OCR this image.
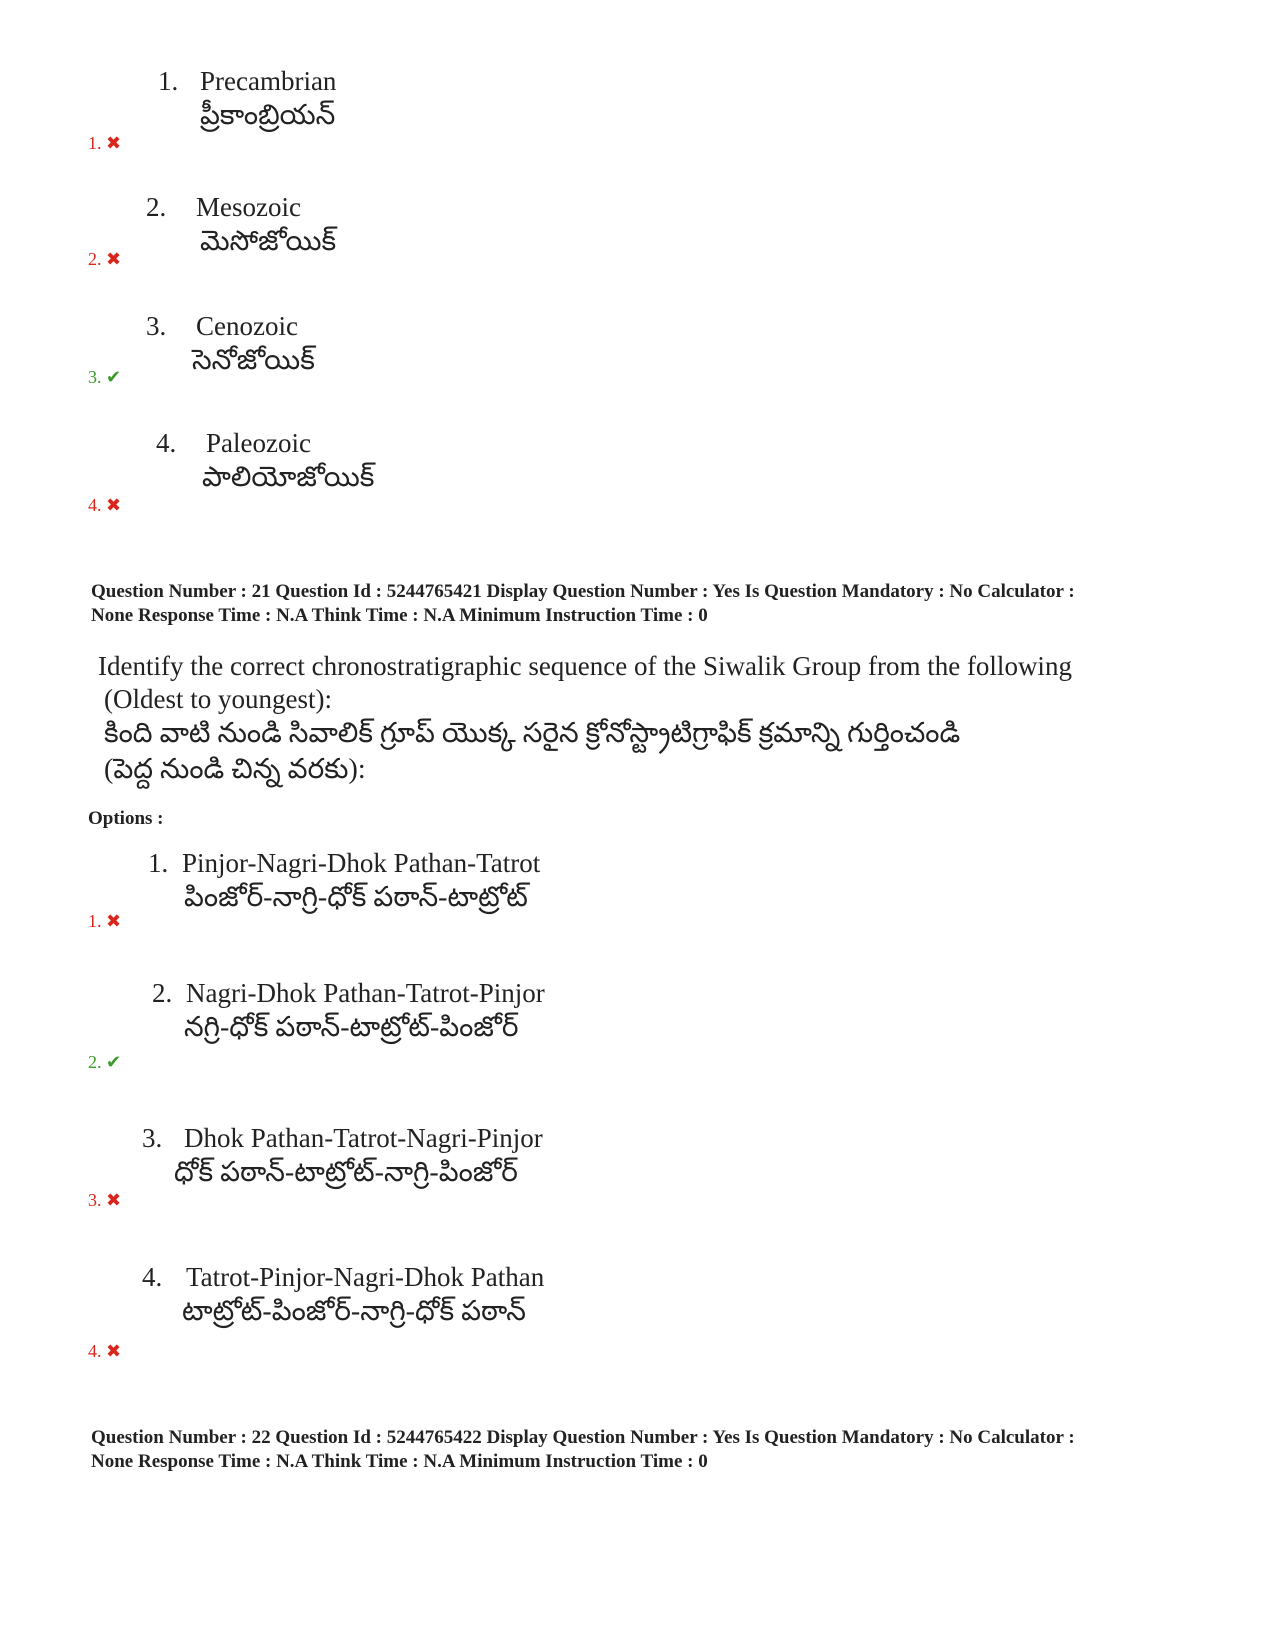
1. Precambrian
ప్రీకాంబ్రియన్
1. ✖
2. Mesozoic
మెసోజోయిక్
2. ✖
3. Cenozoic
సెనోజోయిక్
3. ✔
4. Paleozoic
పాలియోజోయిక్
4. ✖
Question Number : 21 Question Id : 5244765421 Display Question Number : Yes Is Question Mandatory : No Calculator :
None Response Time : N.A Think Time : N.A Minimum Instruction Time : 0
Identify the correct chronostratigraphic sequence of the Siwalik Group from the following
(Oldest to youngest):
కింది వాటి నుండి సివాలిక్ గ్రూప్ యొక్క సరైన క్రోనోస్ట్రాటిగ్రాఫిక్ క్రమాన్ని గుర్తించండి
(పెద్ద నుండి చిన్న వరకు):
Options :
1. Pinjor-Nagri-Dhok Pathan-Tatrot
పింజోర్-నాగ్రి-ధోక్ పఠాన్-టాట్రోట్
1. ✖
2. Nagri-Dhok Pathan-Tatrot-Pinjor
నగ్రి-ధోక్ పఠాన్-టాట్రోట్-పింజోర్
2. ✔
3. Dhok Pathan-Tatrot-Nagri-Pinjor
ధోక్ పఠాన్-టాట్రోట్-నాగ్రి-పింజోర్
3. ✖
4. Tatrot-Pinjor-Nagri-Dhok Pathan
టాట్రోట్-పింజోర్-నాగ్రి-ధోక్ పఠాన్
4. ✖
Question Number : 22 Question Id : 5244765422 Display Question Number : Yes Is Question Mandatory : No Calculator :
None Response Time : N.A Think Time : N.A Minimum Instruction Time : 0
